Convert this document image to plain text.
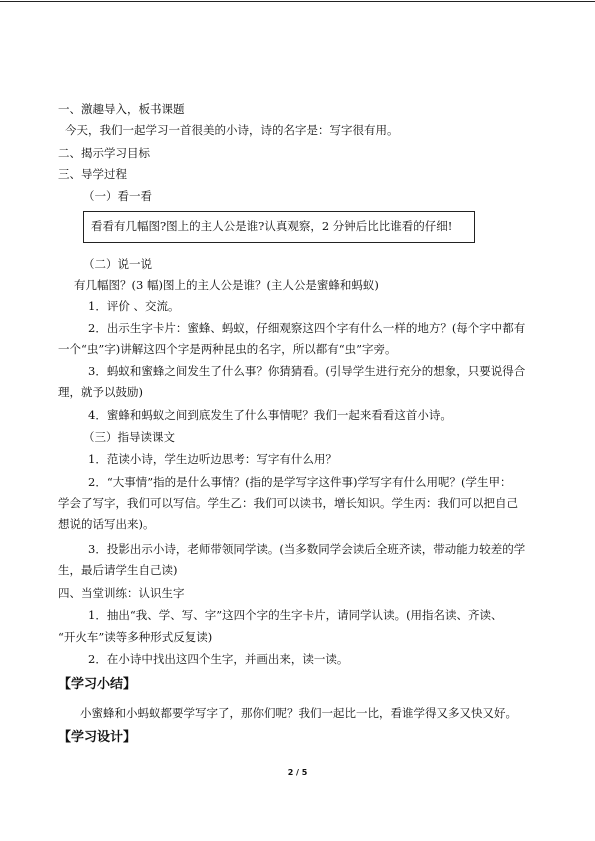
一、激趣导入，板书课题
今天，我们一起学习一首很美的小诗，诗的名字是：写字很有用。
二、揭示学习目标
三、导学过程
（一）看一看
看看有几幅图?图上的主人公是谁?认真观察，2 分钟后比比谁看的仔细!
（二）说一说
有几幅图？(3 幅)图上的主人公是谁？(主人公是蜜蜂和蚂蚁)
1．评价 、交流。
2．出示生字卡片：蜜蜂、蚂蚁，仔细观察这四个字有什么一样的地方？(每个字中都有
一个“虫”字)讲解这四个字是两种昆虫的名字，所以都有“虫”字旁。
3．蚂蚁和蜜蜂之间发生了什么事？你猜猜看。(引导学生进行充分的想象，只要说得合
理，就予以鼓励)
4．蜜蜂和蚂蚁之间到底发生了什么事情呢？我们一起来看看这首小诗。
（三）指导读课文
1．范读小诗，学生边听边思考：写字有什么用？
2．“大事情”指的是什么事情？(指的是学写字这件事)学写字有什么用呢？(学生甲：
学会了写字，我们可以写信。学生乙：我们可以读书，增长知识。学生丙：我们可以把自己
想说的话写出来)。
3．投影出示小诗，老师带领同学读。(当多数同学会读后全班齐读，带动能力较差的学
生，最后请学生自己读)
四、当堂训练：认识生字
1．抽出“我、学、写、字”这四个字的生字卡片，请同学认读。(用指名读、齐读、
“开火车”读等多种形式反复读)
2．在小诗中找出这四个生字，并画出来，读一读。
【学习小结】
小蜜蜂和小蚂蚁都要学写字了，那你们呢？我们一起比一比，看谁学得又多又快又好。
【学习设计】
2 / 5
